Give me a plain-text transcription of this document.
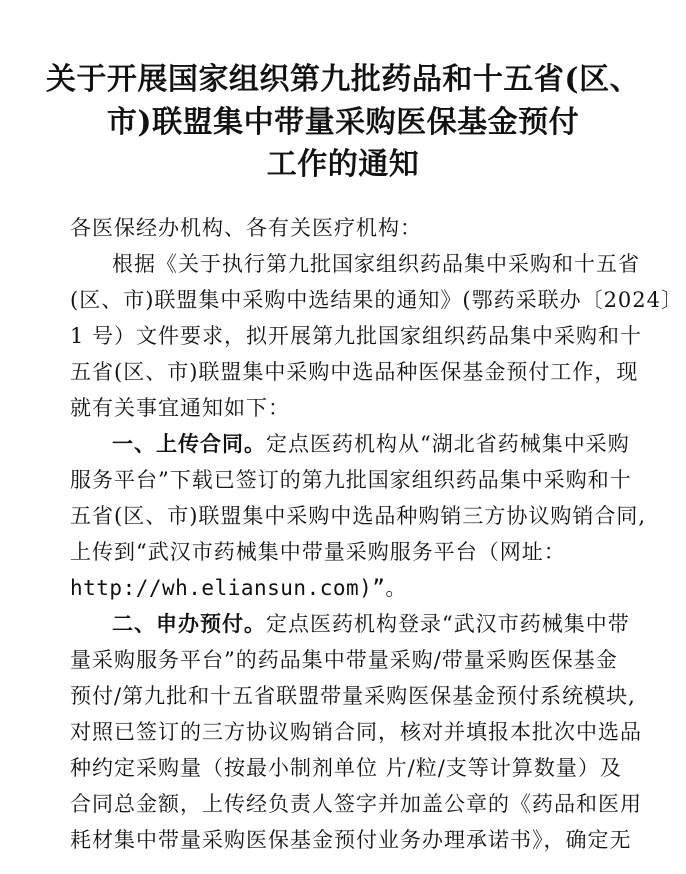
关于开展国家组织第九批药品和十五省(区、
市)联盟集中带量采购医保基金预付
工作的通知
各医保经办机构、各有关医疗机构：
根据《关于执行第九批国家组织药品集中采购和十五省
(区、市)联盟集中采购中选结果的通知》(鄂药采联办〔2024〕
1 号）文件要求，拟开展第九批国家组织药品集中采购和十
五省(区、市)联盟集中采购中选品种医保基金预付工作，现
就有关事宜通知如下：
一、上传合同。定点医药机构从“湖北省药械集中采购
服务平台”下载已签订的第九批国家组织药品集中采购和十
五省(区、市)联盟集中采购中选品种购销三方协议购销合同,
上传到“武汉市药械集中带量采购服务平台（网址：
http://wh.eliansun.com)”。
二、申办预付。定点医药机构登录“武汉市药械集中带
量采购服务平台”的药品集中带量采购/带量采购医保基金
预付/第九批和十五省联盟带量采购医保基金预付系统模块,
对照已签订的三方协议购销合同，核对并填报本批次中选品
种约定采购量（按最小制剂单位 片/粒/支等计算数量）及
合同总金额，上传经负责人签字并加盖公章的《药品和医用
耗材集中带量采购医保基金预付业务办理承诺书》，确定无
